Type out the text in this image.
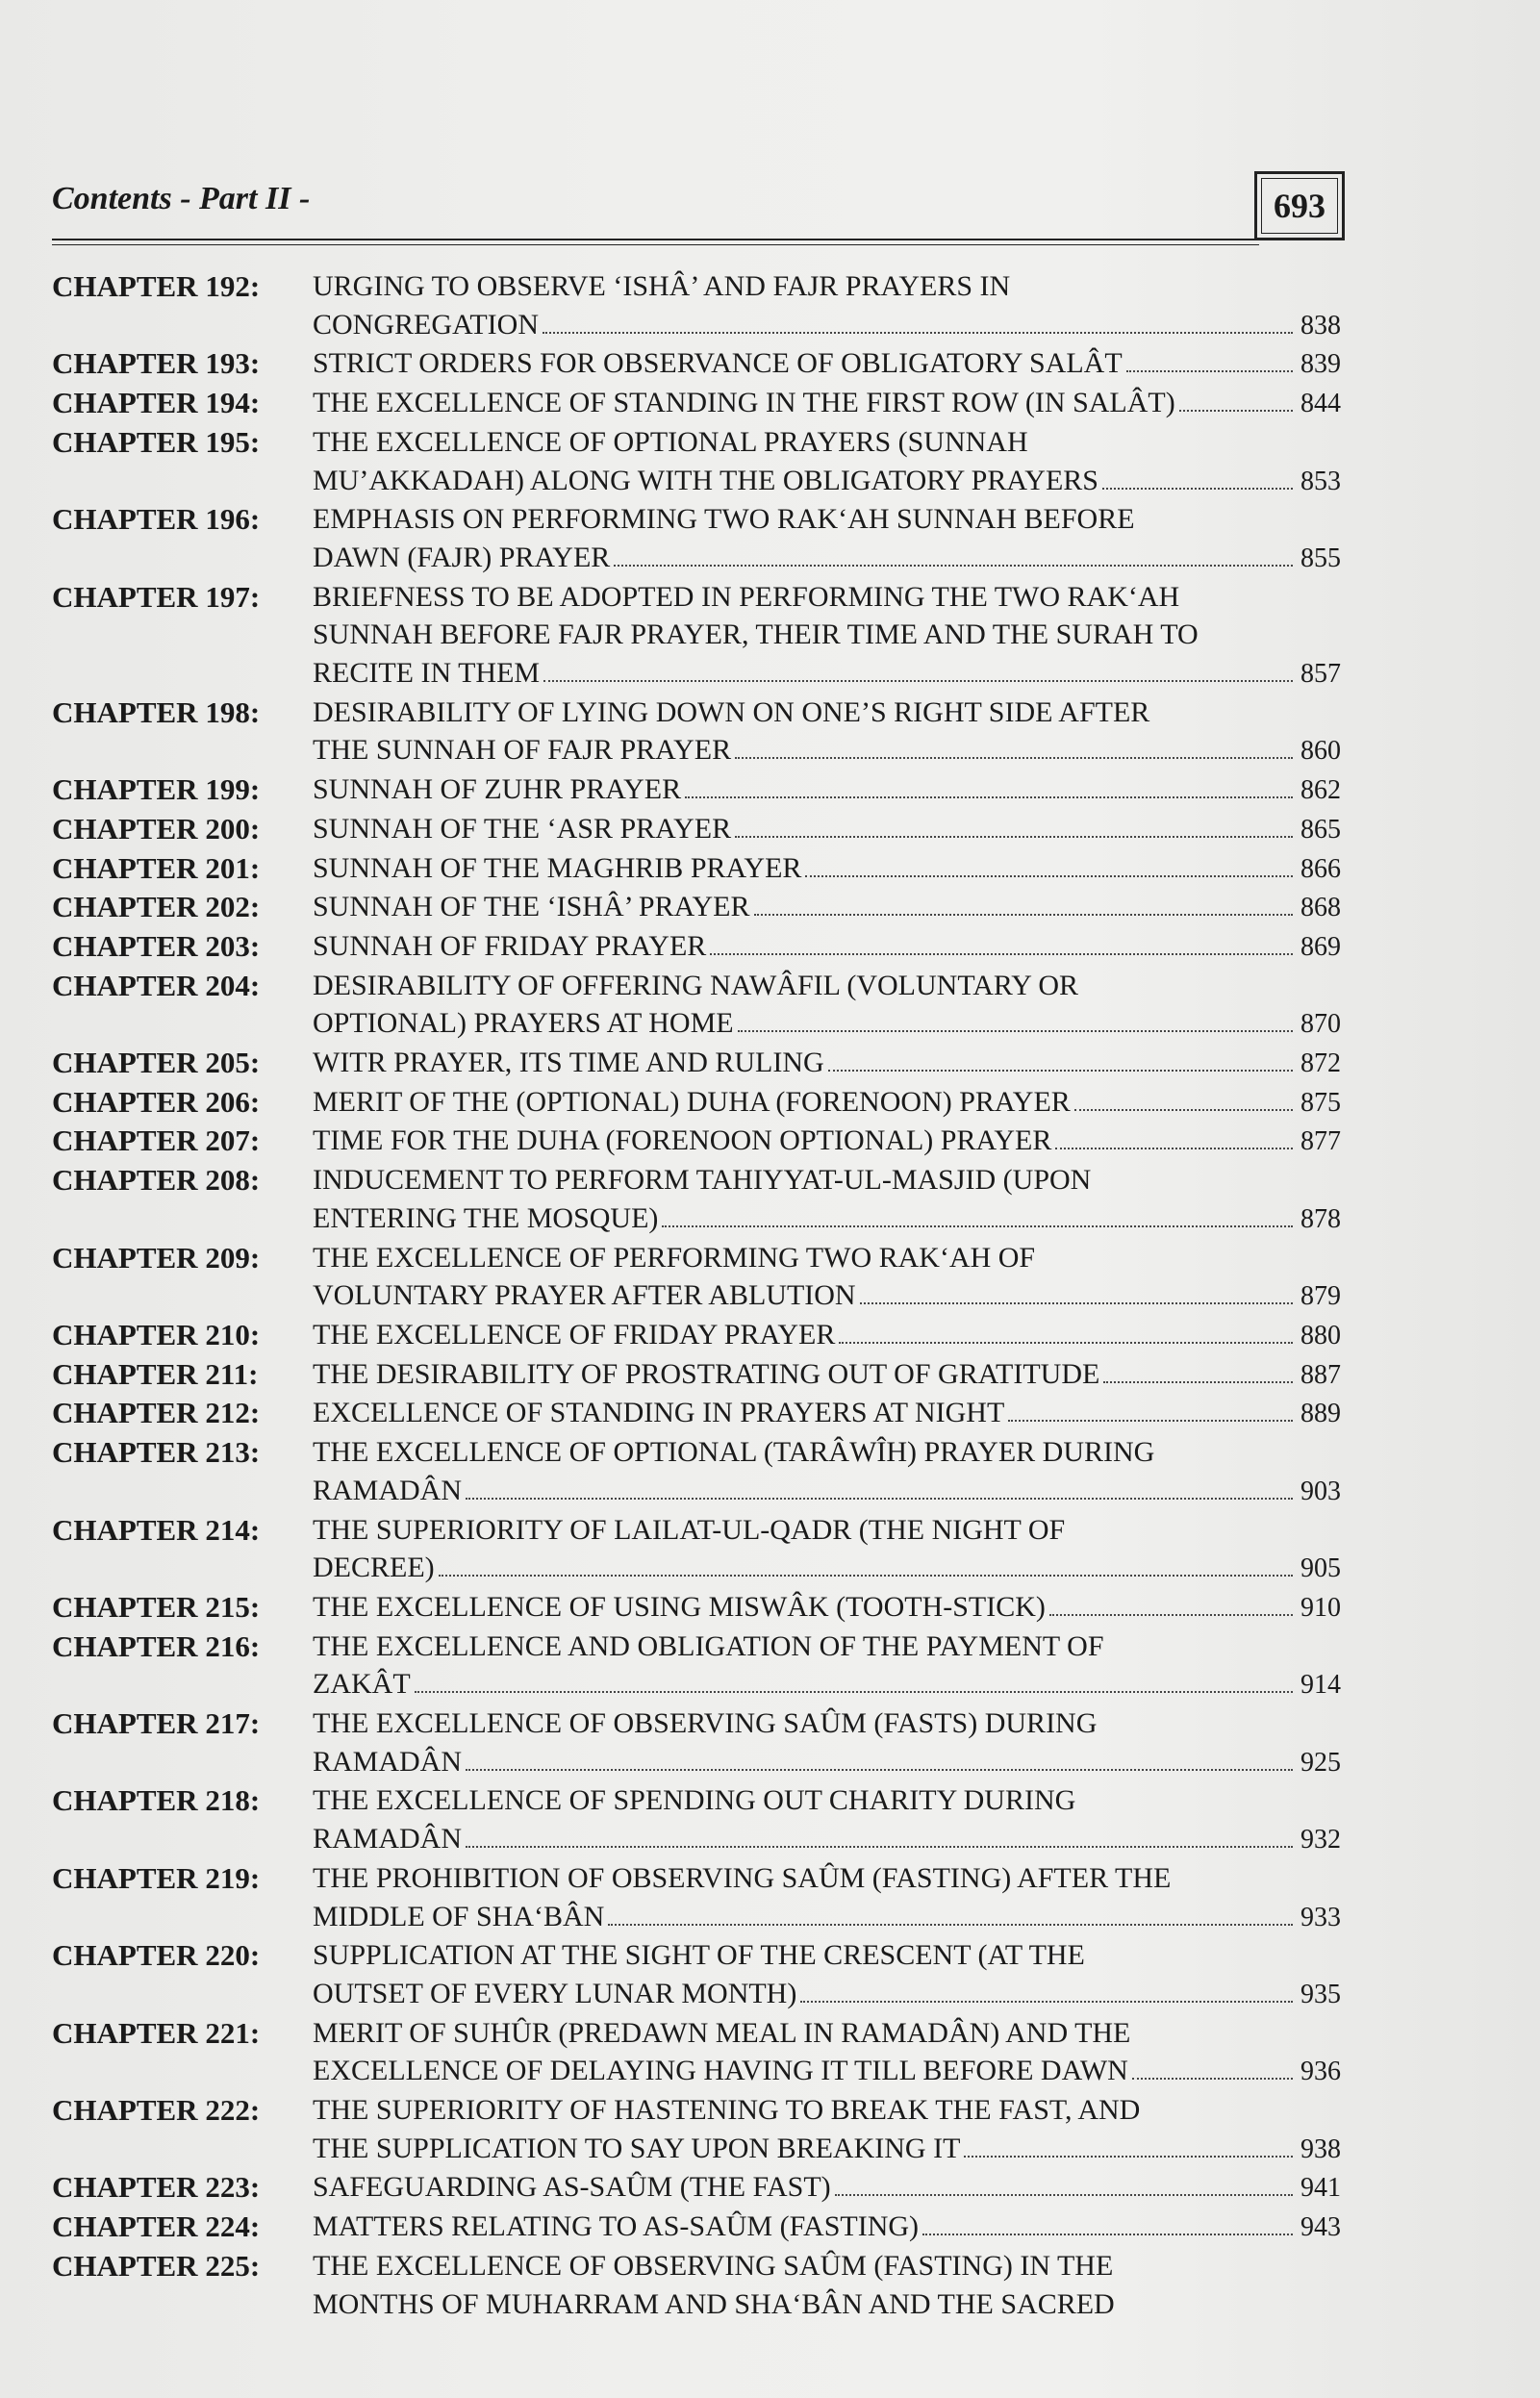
Contents - Part II -	693
CHAPTER 192:	URGING TO OBSERVE ‘ISHÂ’ AND FAJR PRAYERS IN
CONGREGATION	838
CHAPTER 193:	STRICT ORDERS FOR OBSERVANCE OF OBLIGATORY SALÂT	839
CHAPTER 194:	THE EXCELLENCE OF STANDING IN THE FIRST ROW (IN SALÂT)	844
CHAPTER 195:	THE EXCELLENCE OF OPTIONAL PRAYERS (SUNNAH
MU’AKKADAH) ALONG WITH THE OBLIGATORY PRAYERS	853
CHAPTER 196:	EMPHASIS ON PERFORMING TWO RAK‘AH SUNNAH BEFORE
DAWN (FAJR) PRAYER	855
CHAPTER 197:	BRIEFNESS TO BE ADOPTED IN PERFORMING THE TWO RAK‘AH
SUNNAH BEFORE FAJR PRAYER, THEIR TIME AND THE SURAH TO
RECITE IN THEM	857
CHAPTER 198:	DESIRABILITY OF LYING DOWN ON ONE’S RIGHT SIDE AFTER
THE SUNNAH OF FAJR PRAYER	860
CHAPTER 199:	SUNNAH OF ZUHR PRAYER	862
CHAPTER 200:	SUNNAH OF THE ‘ASR PRAYER	865
CHAPTER 201:	SUNNAH OF THE MAGHRIB PRAYER	866
CHAPTER 202:	SUNNAH OF THE ‘ISHÂ’ PRAYER	868
CHAPTER 203:	SUNNAH OF FRIDAY PRAYER	869
CHAPTER 204:	DESIRABILITY OF OFFERING NAWÂFIL (VOLUNTARY OR
OPTIONAL) PRAYERS AT HOME	870
CHAPTER 205:	WITR PRAYER, ITS TIME AND RULING	872
CHAPTER 206:	MERIT OF THE (OPTIONAL) DUHA (FORENOON) PRAYER	875
CHAPTER 207:	TIME FOR THE DUHA (FORENOON OPTIONAL) PRAYER	877
CHAPTER 208:	INDUCEMENT TO PERFORM TAHIYYAT-UL-MASJID (UPON
ENTERING THE MOSQUE)	878
CHAPTER 209:	THE EXCELLENCE OF PERFORMING TWO RAK‘AH OF
VOLUNTARY PRAYER AFTER ABLUTION	879
CHAPTER 210:	THE EXCELLENCE OF FRIDAY PRAYER	880
CHAPTER 211:	THE DESIRABILITY OF PROSTRATING OUT OF GRATITUDE	887
CHAPTER 212:	EXCELLENCE OF STANDING IN PRAYERS AT NIGHT	889
CHAPTER 213:	THE EXCELLENCE OF OPTIONAL (TARÂWÎH) PRAYER DURING
RAMADÂN	903
CHAPTER 214:	THE SUPERIORITY OF LAILAT-UL-QADR (THE NIGHT OF
DECREE)	905
CHAPTER 215:	THE EXCELLENCE OF USING MISWÂK (TOOTH-STICK)	910
CHAPTER 216:	THE EXCELLENCE AND OBLIGATION OF THE PAYMENT OF
ZAKÂT	914
CHAPTER 217:	THE EXCELLENCE OF OBSERVING SAÛM (FASTS) DURING
RAMADÂN	925
CHAPTER 218:	THE EXCELLENCE OF SPENDING OUT CHARITY DURING
RAMADÂN	932
CHAPTER 219:	THE PROHIBITION OF OBSERVING SAÛM (FASTING) AFTER THE
MIDDLE OF SHA‘BÂN	933
CHAPTER 220:	SUPPLICATION AT THE SIGHT OF THE CRESCENT (AT THE
OUTSET OF EVERY LUNAR MONTH)	935
CHAPTER 221:	MERIT OF SUHÛR (PREDAWN MEAL IN RAMADÂN) AND THE
EXCELLENCE OF DELAYING HAVING IT TILL BEFORE DAWN	936
CHAPTER 222:	THE SUPERIORITY OF HASTENING TO BREAK THE FAST, AND
THE SUPPLICATION TO SAY UPON BREAKING IT	938
CHAPTER 223:	SAFEGUARDING AS-SAÛM (THE FAST)	941
CHAPTER 224:	MATTERS RELATING TO AS-SAÛM (FASTING)	943
CHAPTER 225:	THE EXCELLENCE OF OBSERVING SAÛM (FASTING) IN THE
MONTHS OF MUHARRAM AND SHA‘BÂN AND THE SACRED
